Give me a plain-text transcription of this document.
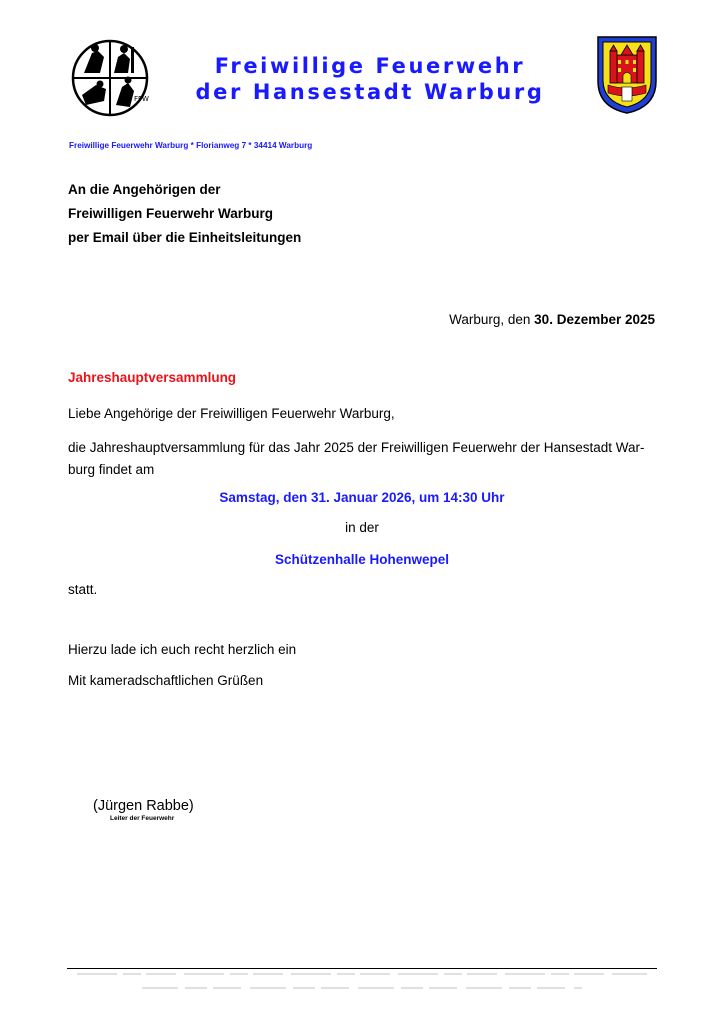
FFW
Freiwillige Feuerwehr
der Hansestadt Warburg
Freiwillige Feuerwehr Warburg * Florianweg 7 * 34414 Warburg
An die Angehörigen der
Freiwilligen Feuerwehr Warburg
per Email über die Einheitsleitungen
Warburg, den 30. Dezember 2025
Jahreshauptversammlung
Liebe Angehörige der Freiwilligen Feuerwehr Warburg,
die Jahreshauptversammlung für das Jahr 2025 der Freiwilligen Feuerwehr der Hansestadt War-burg findet am
Samstag, den 31. Januar 2026, um 14:30 Uhr
in der
Schützenhalle Hohenwepel
statt.
Hierzu lade ich euch recht herzlich ein
Mit kameradschaftlichen Grüßen
(Jürgen Rabbe)
Leiter der Feuerwehr
